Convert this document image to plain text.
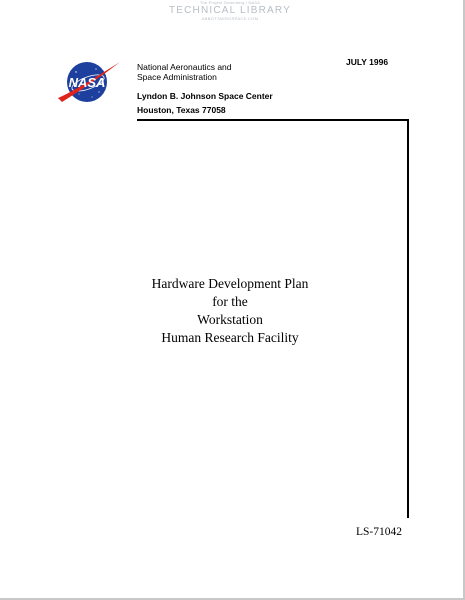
The Project Gutenberg / NASA
TECHNICAL LIBRARY
ABBOTTAEROSPACE.COM
NASA
National Aeronautics and
Space Administration
Lyndon B. Johnson Space Center
Houston, Texas 77058
JULY 1996
Hardware Development Plan
for the
Workstation
Human Research Facility
LS-71042
